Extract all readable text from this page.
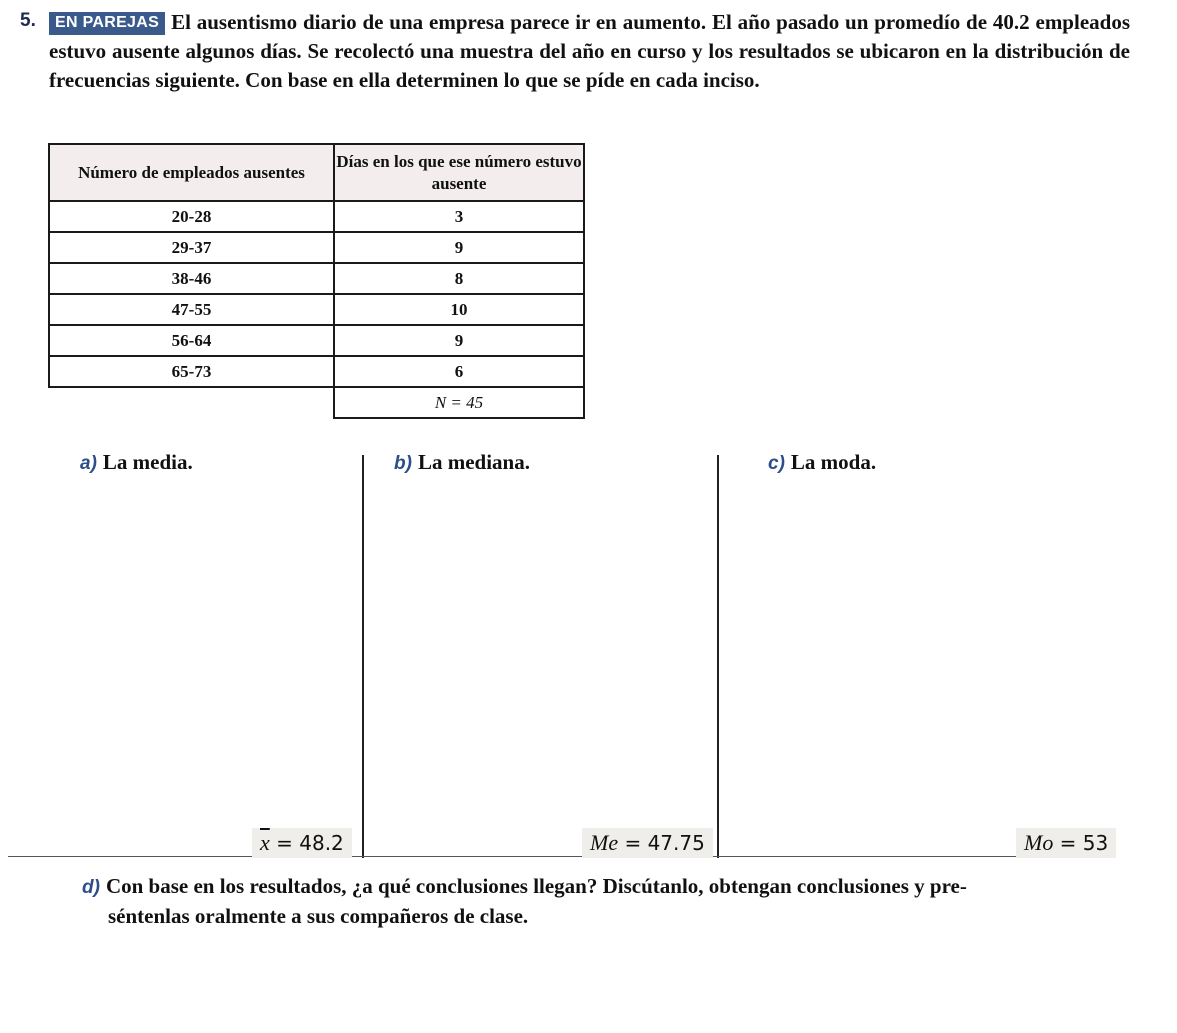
5.	EN PAREJAS El ausentismo diario de una empresa parece ir en aumento. El año pasado un promedío de 40.2 empleados estuvo ausente algunos días. Se recolectó una muestra del año en curso y los resultados se ubicaron en la distribución de frecuencias siguiente. Con base en ella determinen lo que se píde en cada inciso.
Número de empleados ausentes	Días en los que ese número estuvo ausente
20-28	3
29-37	9
38-46	8
47-55	10
56-64	9
65-73	6
	N = 45
a) La media.	b) La mediana.	c) La moda.
$\overline{x} = 48.2$	Me = 47.75	Mo = 53
d) Con base en los resultados, ¿a qué conclusiones llegan? Discútanlo, obtengan conclusiones y pre-
séntenlas oralmente a sus compañeros de clase.
